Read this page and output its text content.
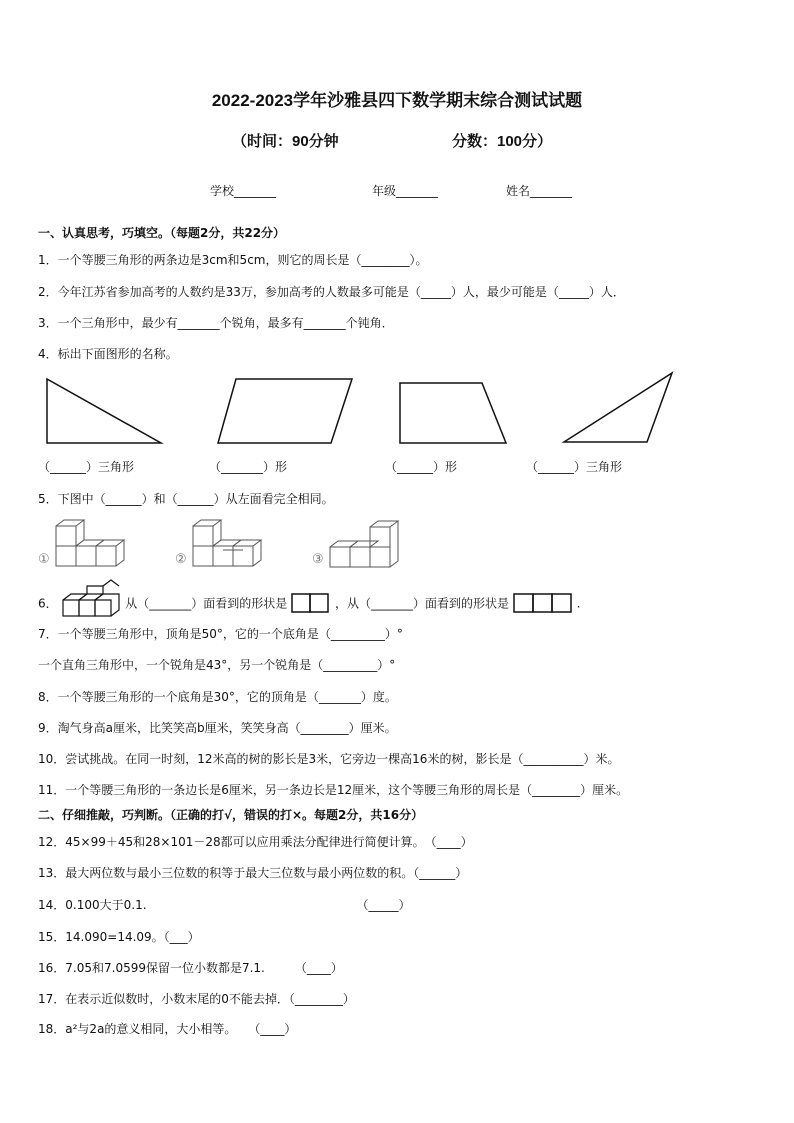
2022-2023学年沙雅县四下数学期末综合测试试题
（时间：90分钟	分数：100分）
学校_______	年级_______	姓名_______
一、认真思考，巧填空。（每题2分，共22分）
1．一个等腰三角形的两条边是3cm和5cm，则它的周长是（________）。
2．今年江苏省参加高考的人数约是33万，参加高考的人数最多可能是（_____）人，最少可能是（_____）人．
3．一个三角形中，最少有_______个锐角，最多有_______个钝角．
4．标出下面图形的名称。
（______）三角形	（_______）形	（______）形	（______）三角形
5．下图中（______）和（______）从左面看完全相同。
①	②	③
6．	从（_______）面看到的形状是	，从（_______）面看到的形状是	.
7．一个等腰三角形中，顶角是50°，它的一个底角是（_________）°
一个直角三角形中，一个锐角是43°，另一个锐角是（_________）°
8．一个等腰三角形的一个底角是30°，它的顶角是（_______）度。
9．淘气身高a厘米，比笑笑高b厘米，笑笑身高（________）厘米。
10．尝试挑战。在同一时刻，12米高的树的影长是3米，它旁边一棵高16米的树，影长是（__________）米。
11．一个等腰三角形的一条边长是6厘米，另一条边长是12厘米，这个等腰三角形的周长是（________）厘米。
二、仔细推敲，巧判断。（正确的打√，错误的打×。每题2分，共16分）
12．45×99＋45和28×101－28都可以应用乘法分配律进行简便计算。　（____）
13．最大两位数与最小三位数的积等于最大三位数与最小两位数的积。（______）
14．0.100大于0.1.　　　　　　　　　　　　　　　　　　（_____）
15．14.090=14.09。（___）
16．7.05和7.0599保留一位小数都是7.1.　　　（____）
17．在表示近似数时，小数末尾的0不能去掉．（________）
18．a²与2a的意义相同，大小相等。　　（____）
